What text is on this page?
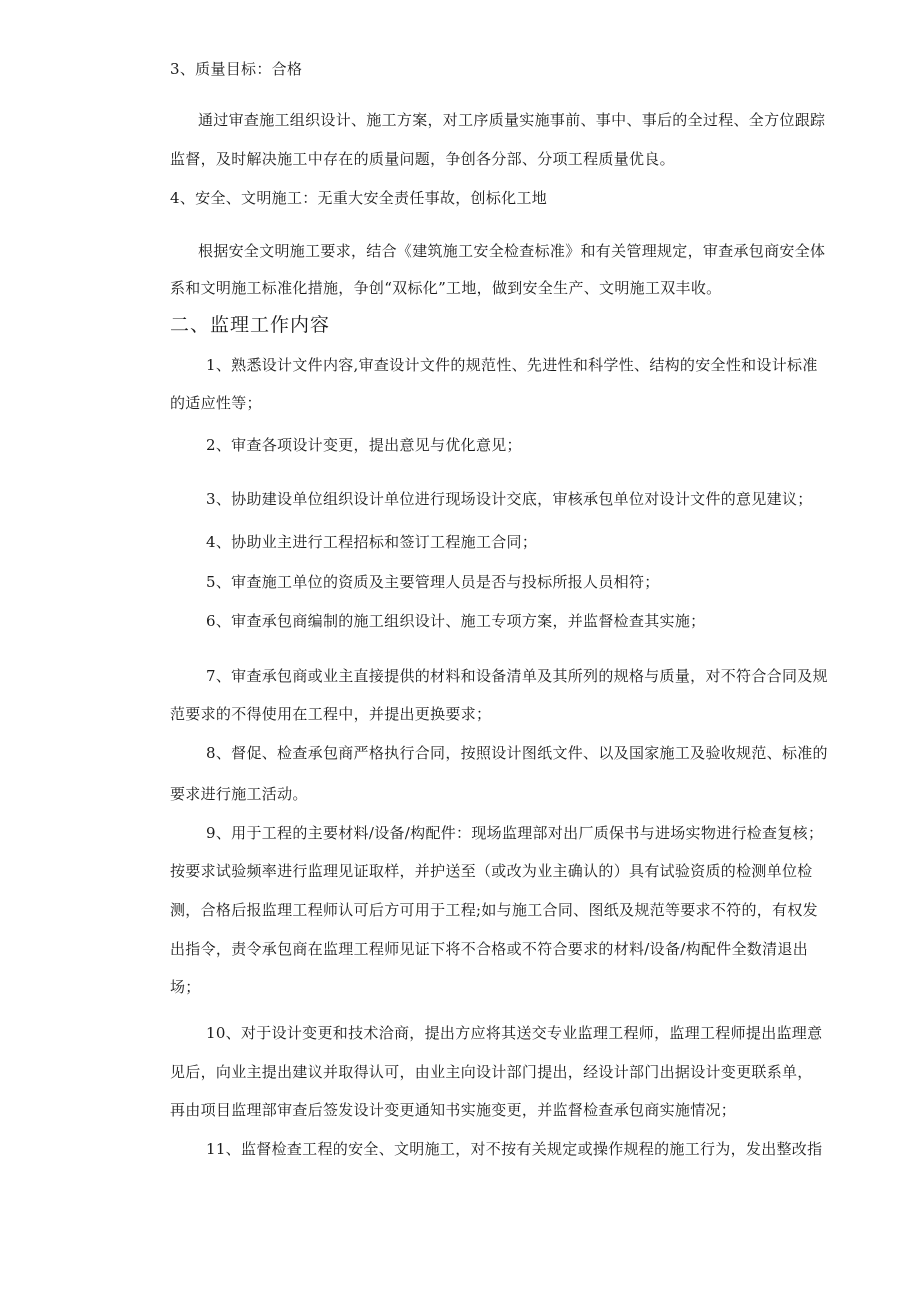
3、质量目标：合格
通过审查施工组织设计、施工方案，对工序质量实施事前、事中、事后的全过程、全方位跟踪
监督，及时解决施工中存在的质量问题，争创各分部、分项工程质量优良。
4、安全、文明施工：无重大安全责任事故，创标化工地
根据安全文明施工要求，结合《建筑施工安全检查标准》和有关管理规定，审查承包商安全体
系和文明施工标准化措施，争创“双标化”工地，做到安全生产、文明施工双丰收。
二、监理工作内容
1、熟悉设计文件内容,审查设计文件的规范性、先进性和科学性、结构的安全性和设计标准
的适应性等；
2、审查各项设计变更，提出意见与优化意见；
3、协助建设单位组织设计单位进行现场设计交底，审核承包单位对设计文件的意见建议；
4、协助业主进行工程招标和签订工程施工合同；
5、审查施工单位的资质及主要管理人员是否与投标所报人员相符；
6、审查承包商编制的施工组织设计、施工专项方案，并监督检查其实施；
7、审查承包商或业主直接提供的材料和设备清单及其所列的规格与质量，对不符合合同及规
范要求的不得使用在工程中，并提出更换要求；
8、督促、检查承包商严格执行合同，按照设计图纸文件、以及国家施工及验收规范、标准的
要求进行施工活动。
9、用于工程的主要材料/设备/构配件：现场监理部对出厂质保书与进场实物进行检查复核；
按要求试验频率进行监理见证取样，并护送至（或改为业主确认的）具有试验资质的检测单位检
测，合格后报监理工程师认可后方可用于工程;如与施工合同、图纸及规范等要求不符的，有权发
出指令，责令承包商在监理工程师见证下将不合格或不符合要求的材料/设备/构配件全数清退出
场；
10、对于设计变更和技术洽商，提出方应将其送交专业监理工程师，监理工程师提出监理意
见后，向业主提出建议并取得认可，由业主向设计部门提出，经设计部门出据设计变更联系单，
再由项目监理部审查后签发设计变更通知书实施变更，并监督检查承包商实施情况；
11、监督检查工程的安全、文明施工，对不按有关规定或操作规程的施工行为，发出整改指
